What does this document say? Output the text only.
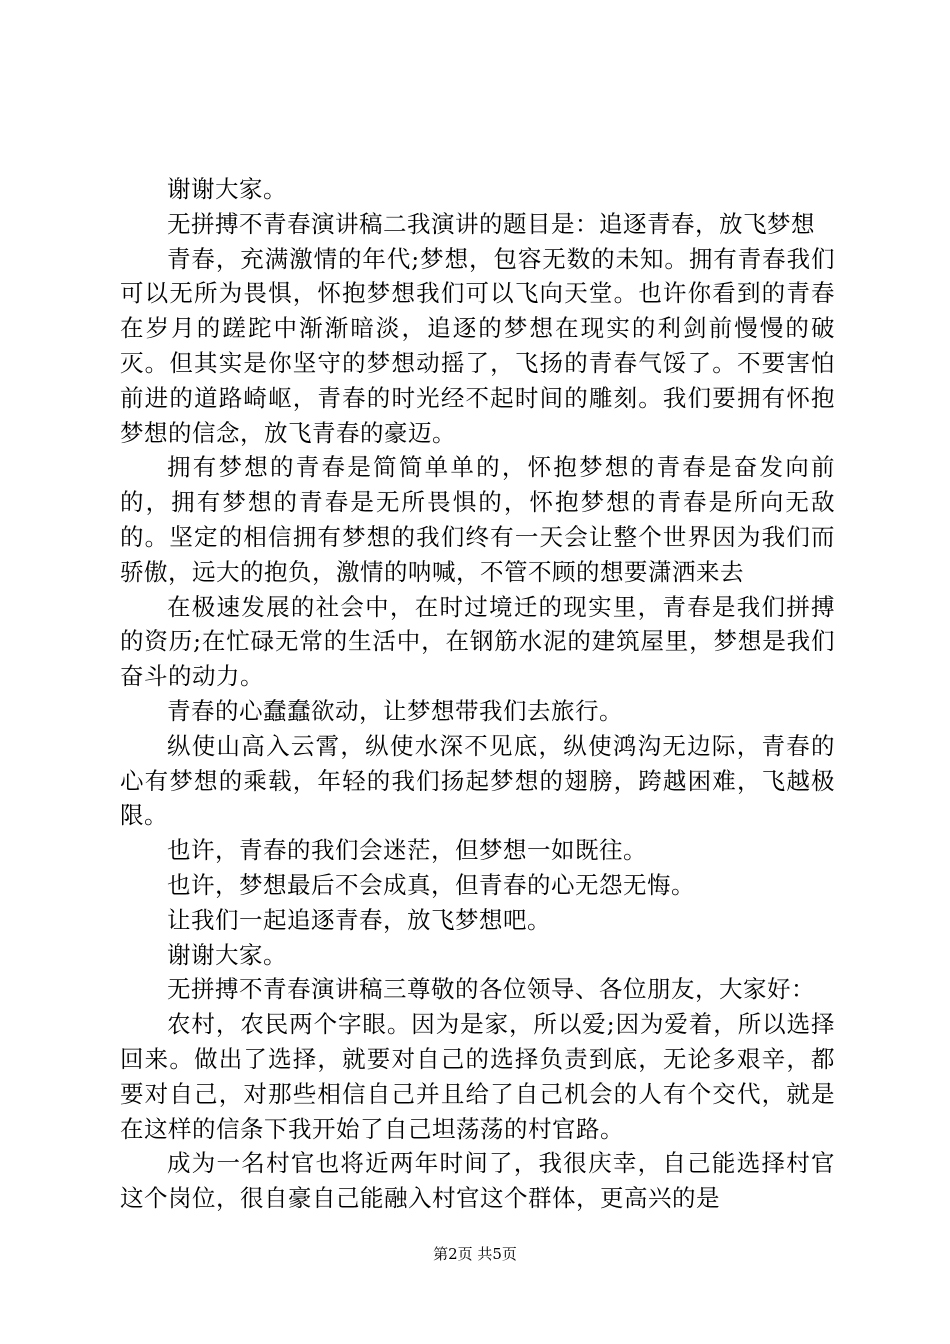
谢谢大家。

无拼搏不青春演讲稿二我演讲的题目是：追逐青春，放飞梦想

青春，充满激情的年代;梦想，包容无数的未知。拥有青春我们可以无所为畏惧，怀抱梦想我们可以飞向天堂。也许你看到的青春在岁月的蹉跎中渐渐暗淡，追逐的梦想在现实的利剑前慢慢的破灭。但其实是你坚守的梦想动摇了，飞扬的青春气馁了。不要害怕前进的道路崎岖，青春的时光经不起时间的雕刻。我们要拥有怀抱梦想的信念，放飞青春的豪迈。

拥有梦想的青春是简简单单的，怀抱梦想的青春是奋发向前的，拥有梦想的青春是无所畏惧的，怀抱梦想的青春是所向无敌的。坚定的相信拥有梦想的我们终有一天会让整个世界因为我们而骄傲，远大的抱负，激情的呐喊，不管不顾的想要潇洒来去

在极速发展的社会中，在时过境迁的现实里，青春是我们拼搏的资历;在忙碌无常的生活中，在钢筋水泥的建筑屋里，梦想是我们奋斗的动力。

青春的心蠢蠢欲动，让梦想带我们去旅行。

纵使山高入云霄，纵使水深不见底，纵使鸿沟无边际，青春的心有梦想的乘载，年轻的我们扬起梦想的翅膀，跨越困难，飞越极限。

也许，青春的我们会迷茫，但梦想一如既往。

也许，梦想最后不会成真，但青春的心无怨无悔。

让我们一起追逐青春，放飞梦想吧。

谢谢大家。

无拼搏不青春演讲稿三尊敬的各位领导、各位朋友，大家好：

农村，农民两个字眼。因为是家，所以爱;因为爱着，所以选择回来。做出了选择，就要对自己的选择负责到底，无论多艰辛，都要对自己，对那些相信自己并且给了自己机会的人有个交代，就是在这样的信条下我开始了自己坦荡荡的村官路。

成为一名村官也将近两年时间了，我很庆幸，自己能选择村官这个岗位，很自豪自己能融入村官这个群体，更高兴的是

第2页 共5页
